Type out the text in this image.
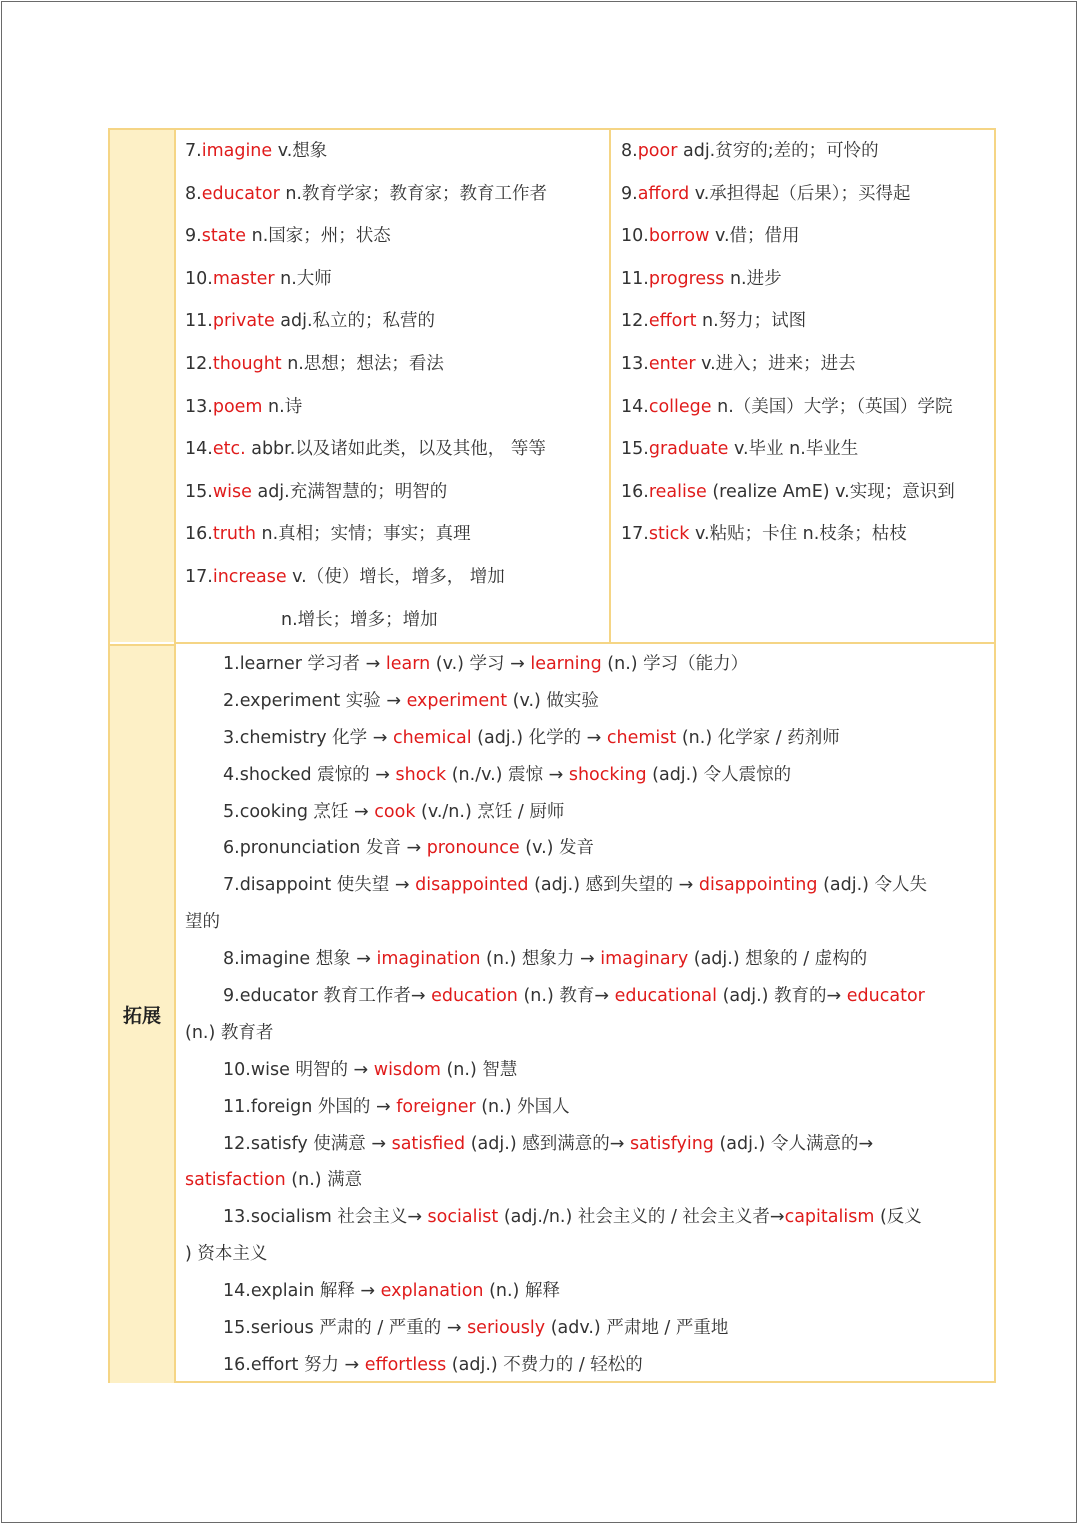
拓展
7.imagine v.想象
8.educator n.教育学家；教育家；教育工作者
9.state n.国家；州；状态
10.master n.大师
11.private adj.私立的；私营的
12.thought n.思想；想法；看法
13.poem n.诗
14.etc. abbr.以及诸如此类，以及其他， 等等
15.wise adj.充满智慧的；明智的
16.truth n.真相；实情；事实；真理
17.increase v.（使）增长，增多， 增加
n.增长；增多；增加
8.poor adj.贫穷的;差的；可怜的
9.afford v.承担得起（后果）；买得起
10.borrow v.借；借用
11.progress n.进步
12.effort n.努力；试图
13.enter v.进入；进来；进去
14.college n.（美国）大学；（英国）学院
15.graduate v.毕业 n.毕业生
16.realise (realize AmE) v.实现；意识到
17.stick v.粘贴；卡住 n.枝条；枯枝
1.learner 学习者 → learn (v.) 学习 → learning (n.) 学习（能力）
2.experiment 实验 → experiment (v.) 做实验
3.chemistry 化学 → chemical (adj.) 化学的 → chemist (n.) 化学家 / 药剂师
4.shocked 震惊的 → shock (n./v.) 震惊 → shocking (adj.) 令人震惊的
5.cooking 烹饪 → cook (v./n.) 烹饪 / 厨师
6.pronunciation 发音 → pronounce (v.) 发音
7.disappoint 使失望 → disappointed (adj.) 感到失望的 → disappointing (adj.) 令人失
望的
8.imagine 想象 → imagination (n.) 想象力 → imaginary (adj.) 想象的 / 虚构的
9.educator 教育工作者→ education (n.) 教育→ educational (adj.) 教育的→ educator
(n.) 教育者
10.wise 明智的 → wisdom (n.) 智慧
11.foreign 外国的 → foreigner (n.) 外国人
12.satisfy 使满意 → satisfied (adj.) 感到满意的→ satisfying (adj.) 令人满意的→
satisfaction (n.) 满意
13.socialism 社会主义→ socialist (adj./n.) 社会主义的 / 社会主义者→capitalism (反义
) 资本主义
14.explain 解释 → explanation (n.) 解释
15.serious 严肃的 / 严重的 → seriously (adv.) 严肃地 / 严重地
16.effort 努力 → effortless (adj.) 不费力的 / 轻松的
